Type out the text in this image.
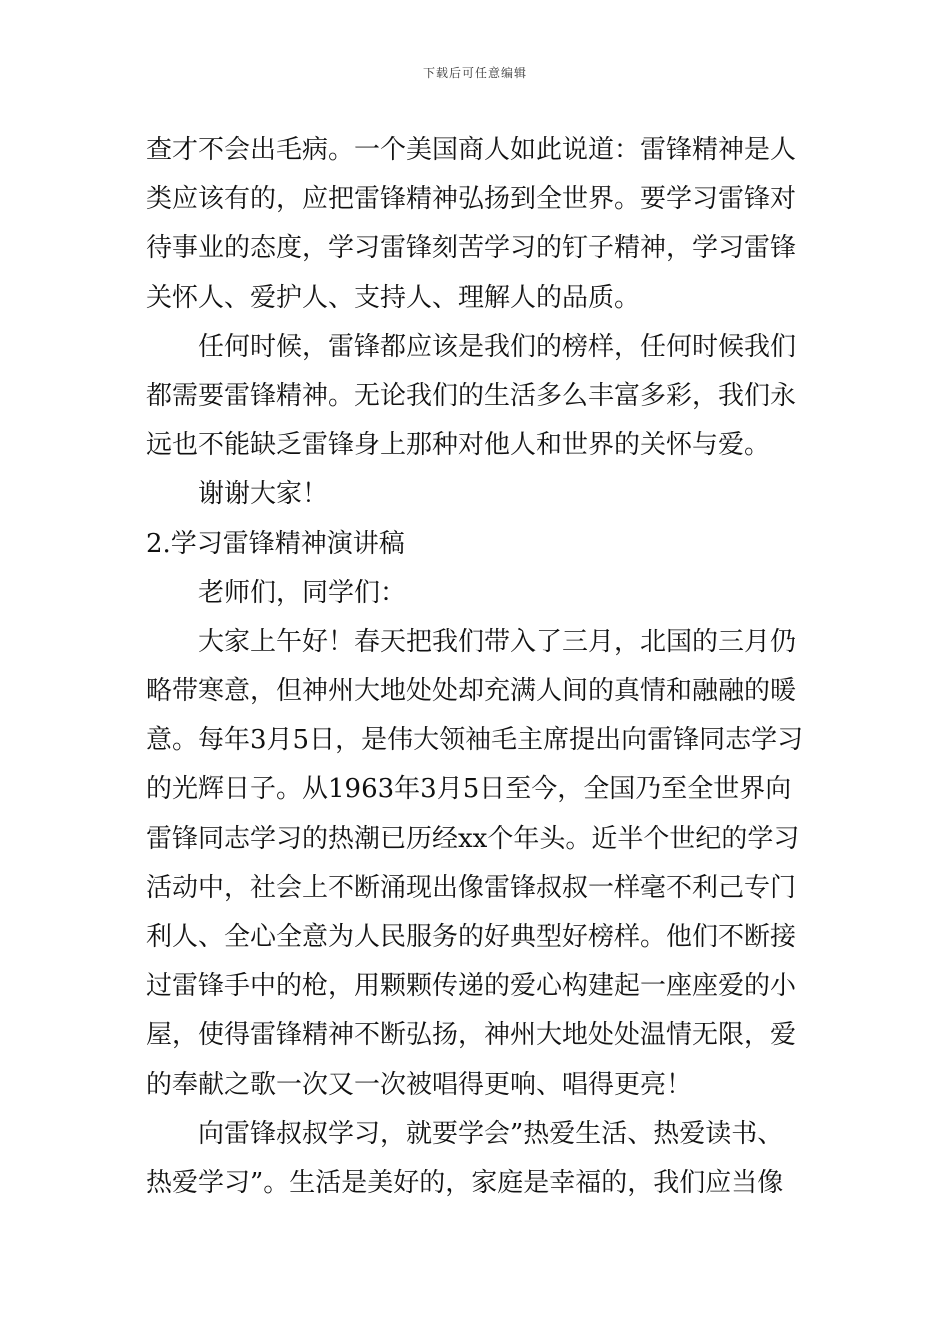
下载后可任意编辑
查才不会出毛病。一个美国商人如此说道：雷锋精神是人
类应该有的，应把雷锋精神弘扬到全世界。要学习雷锋对
待事业的态度，学习雷锋刻苦学习的钉子精神，学习雷锋
关怀人、爱护人、支持人、理解人的品质。
任何时候，雷锋都应该是我们的榜样，任何时候我们
都需要雷锋精神。无论我们的生活多么丰富多彩，我们永
远也不能缺乏雷锋身上那种对他人和世界的关怀与爱。
谢谢大家！
2.学习雷锋精神演讲稿
老师们，同学们：
大家上午好！春天把我们带入了三月，北国的三月仍
略带寒意，但神州大地处处却充满人间的真情和融融的暖
意。每年3月5日，是伟大领袖毛主席提出向雷锋同志学习
的光辉日子。从1963年3月5日至今，全国乃至全世界向
雷锋同志学习的热潮已历经xx个年头。近半个世纪的学习
活动中，社会上不断涌现出像雷锋叔叔一样毫不利己专门
利人、全心全意为人民服务的好典型好榜样。他们不断接
过雷锋手中的枪，用颗颗传递的爱心构建起一座座爱的小
屋，使得雷锋精神不断弘扬，神州大地处处温情无限，爱
的奉献之歌一次又一次被唱得更响、唱得更亮！
向雷锋叔叔学习，就要学会”热爱生活、热爱读书、
热爱学习”。生活是美好的，家庭是幸福的，我们应当像
